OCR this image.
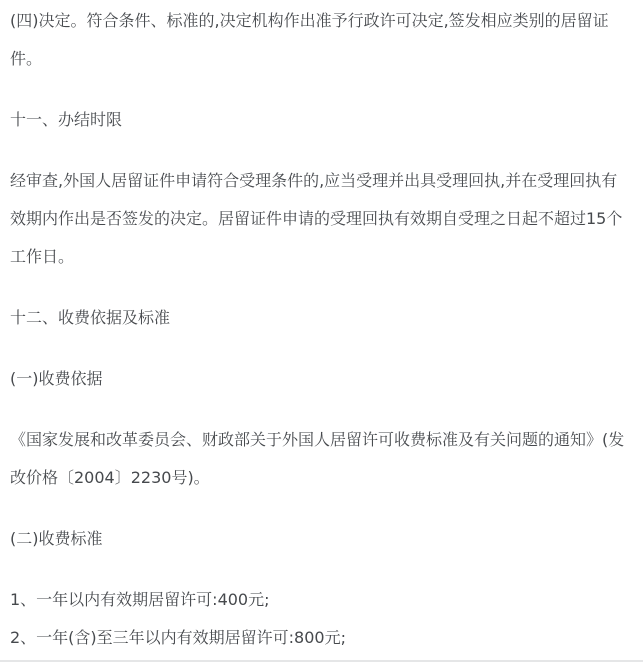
(四)决定。符合条件、标准的,决定机构作出准予行政许可决定,签发相应类别的居留证件。

十一、办结时限

经审查,外国人居留证件申请符合受理条件的,应当受理并出具受理回执,并在受理回执有效期内作出是否签发的决定。居留证件申请的受理回执有效期自受理之日起不超过15个工作日。

十二、收费依据及标准

(一)收费依据

《国家发展和改革委员会、财政部关于外国人居留许可收费标准及有关问题的通知》(发改价格〔2004〕2230号)。

(二)收费标准

1、一年以内有效期居留许可:400元;

2、一年(含)至三年以内有效期居留许可:800元;
